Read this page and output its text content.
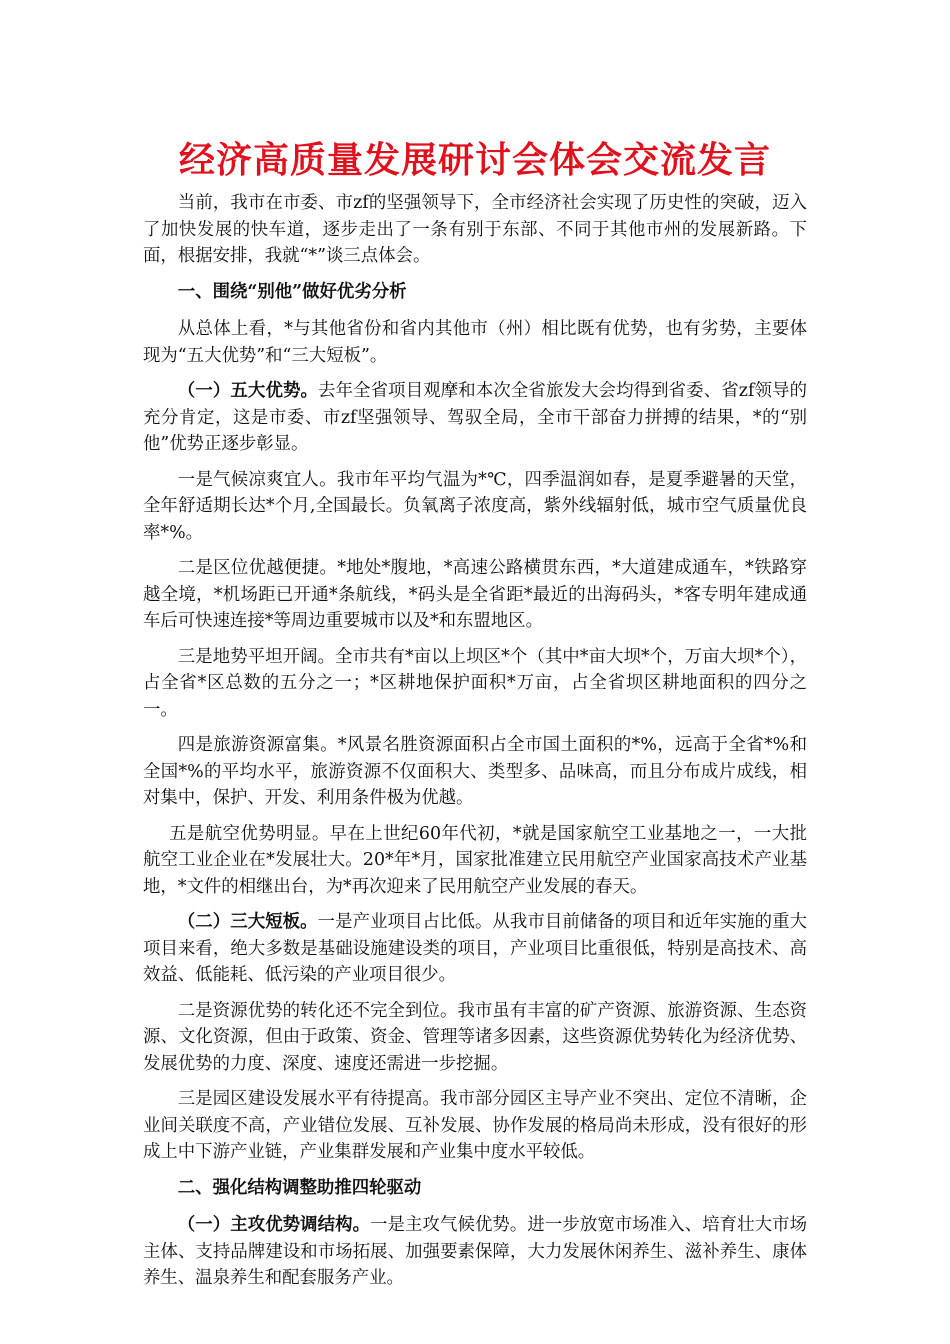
经济高质量发展研讨会体会交流发言

当前，我市在市委、市zf的坚强领导下，全市经济社会实现了历史性的突破，迈入了加快发展的快车道，逐步走出了一条有别于东部、不同于其他市州的发展新路。下面，根据安排，我就“*”谈三点体会。

一、围绕“别他”做好优劣分析

从总体上看，*与其他省份和省内其他市（州）相比既有优势，也有劣势，主要体现为“五大优势”和“三大短板”。

（一）五大优势。去年全省项目观摩和本次全省旅发大会均得到省委、省zf领导的充分肯定，这是市委、市zf坚强领导、驾驭全局，全市干部奋力拼搏的结果，*的“别他”优势正逐步彰显。

一是气候凉爽宜人。我市年平均气温为*℃，四季温润如春，是夏季避暑的天堂，全年舒适期长达*个月,全国最长。负氧离子浓度高，紫外线辐射低，城市空气质量优良率*%。

二是区位优越便捷。*地处*腹地，*高速公路横贯东西，*大道建成通车，*铁路穿越全境，*机场距已开通*条航线，*码头是全省距*最近的出海码头，*客专明年建成通车后可快速连接*等周边重要城市以及*和东盟地区。

三是地势平坦开阔。全市共有*亩以上坝区*个（其中*亩大坝*个，万亩大坝*个），占全省*区总数的五分之一；*区耕地保护面积*万亩，占全省坝区耕地面积的四分之一。

四是旅游资源富集。*风景名胜资源面积占全市国土面积的*%，远高于全省*%和全国*%的平均水平，旅游资源不仅面积大、类型多、品味高，而且分布成片成线，相对集中，保护、开发、利用条件极为优越。

五是航空优势明显。早在上世纪60年代初，*就是国家航空工业基地之一，一大批航空工业企业在*发展壮大。20*年*月，国家批准建立民用航空产业国家高技术产业基地，*文件的相继出台，为*再次迎来了民用航空产业发展的春天。

（二）三大短板。一是产业项目占比低。从我市目前储备的项目和近年实施的重大项目来看，绝大多数是基础设施建设类的项目，产业项目比重很低，特别是高技术、高效益、低能耗、低污染的产业项目很少。

二是资源优势的转化还不完全到位。我市虽有丰富的矿产资源、旅游资源、生态资源、文化资源，但由于政策、资金、管理等诸多因素，这些资源优势转化为经济优势、发展优势的力度、深度、速度还需进一步挖掘。

三是园区建设发展水平有待提高。我市部分园区主导产业不突出、定位不清晰，企业间关联度不高，产业错位发展、互补发展、协作发展的格局尚未形成，没有很好的形成上中下游产业链，产业集群发展和产业集中度水平较低。

二、强化结构调整助推四轮驱动

（一）主攻优势调结构。一是主攻气候优势。进一步放宽市场准入、培育壮大市场主体、支持品牌建设和市场拓展、加强要素保障，大力发展休闲养生、滋补养生、康体养生、温泉养生和配套服务产业。
